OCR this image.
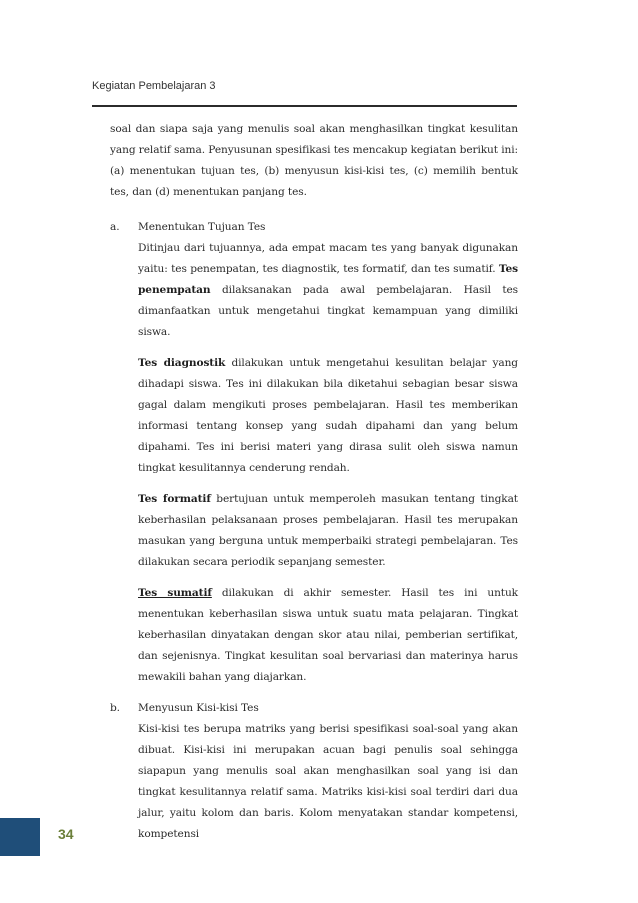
Kegiatan Pembelajaran 3

soal dan siapa saja yang menulis soal akan menghasilkan tingkat kesulitan yang relatif sama. Penyusunan spesifikasi tes mencakup kegiatan berikut ini: (a) menentukan tujuan tes, (b) menyusun kisi-kisi tes, (c) memilih bentuk tes, dan (d) menentukan panjang tes.

a. Menentukan Tujuan Tes

Ditinjau dari tujuannya, ada empat macam tes yang banyak digunakan yaitu: tes penempatan, tes diagnostik, tes formatif, dan tes sumatif. Tes penempatan dilaksanakan pada awal pembelajaran. Hasil tes dimanfaatkan untuk mengetahui tingkat kemampuan yang dimiliki siswa.

Tes diagnostik dilakukan untuk mengetahui kesulitan belajar yang dihadapi siswa. Tes ini dilakukan bila diketahui sebagian besar siswa gagal dalam mengikuti proses pembelajaran. Hasil tes memberikan informasi tentang konsep yang sudah dipahami dan yang belum dipahami. Tes ini berisi materi yang dirasa sulit oleh siswa namun tingkat kesulitannya cenderung rendah.

Tes formatif bertujuan untuk memperoleh masukan tentang tingkat keberhasilan pelaksanaan proses pembelajaran. Hasil tes merupakan masukan yang berguna untuk memperbaiki strategi pembelajaran. Tes dilakukan secara periodik sepanjang semester.

Tes sumatif dilakukan di akhir semester. Hasil tes ini untuk menentukan keberhasilan siswa untuk suatu mata pelajaran. Tingkat keberhasilan dinyatakan dengan skor atau nilai, pemberian sertifikat, dan sejenisnya. Tingkat kesulitan soal bervariasi dan materinya harus mewakili bahan yang diajarkan.

b. Menyusun Kisi-kisi Tes

Kisi-kisi tes berupa matriks yang berisi spesifikasi soal-soal yang akan dibuat. Kisi-kisi ini merupakan acuan bagi penulis soal sehingga siapapun yang menulis soal akan menghasilkan soal yang isi dan tingkat kesulitannya relatif sama. Matriks kisi-kisi soal terdiri dari dua jalur, yaitu kolom dan baris. Kolom menyatakan standar kompetensi, kompetensi

34
